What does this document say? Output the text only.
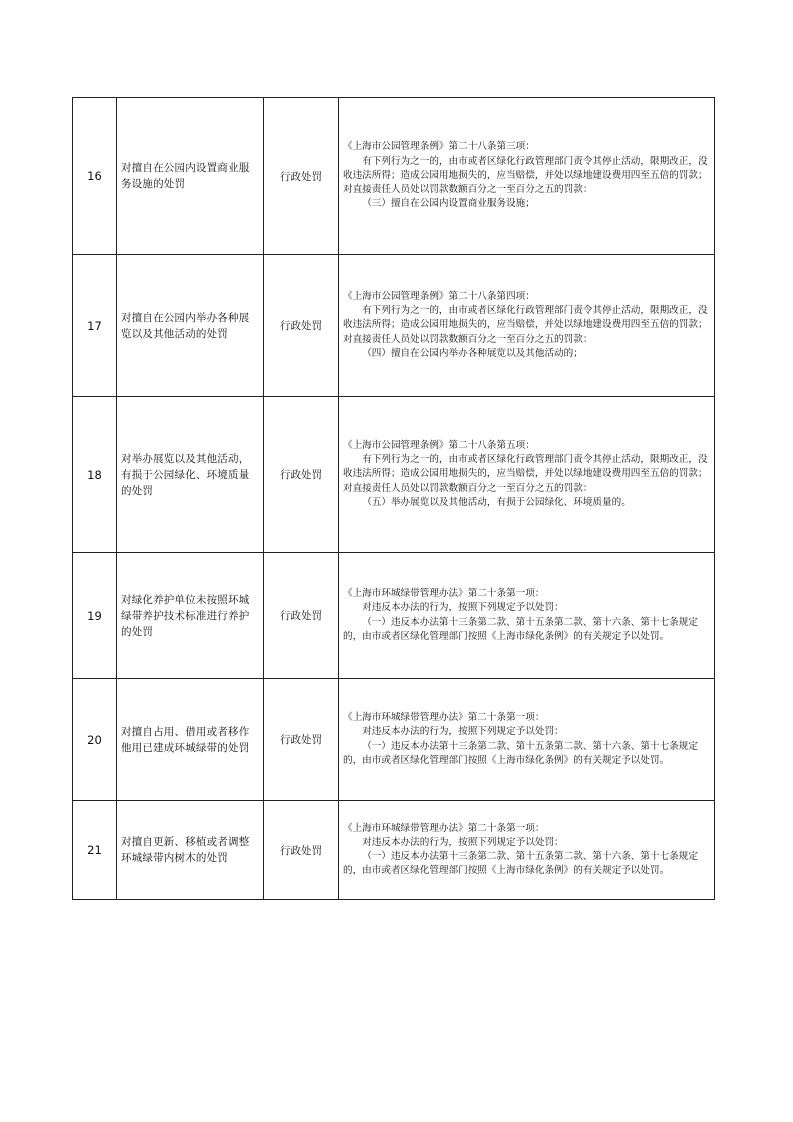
16	对擅自在公园内设置商业服务设施的处罚	行政处罚	《上海市公园管理条例》第二十八条第三项：
有下列行为之一的，由市或者区绿化行政管理部门责令其停止活动，限期改正，没收违法所得；造成公园用地损失的，应当赔偿，并处以绿地建设费用四至五倍的罚款；对直接责任人员处以罚款数额百分之一至百分之五的罚款：
（三）擅自在公园内设置商业服务设施；

17	对擅自在公园内举办各种展览以及其他活动的处罚	行政处罚	《上海市公园管理条例》第二十八条第四项：
有下列行为之一的，由市或者区绿化行政管理部门责令其停止活动，限期改正，没收违法所得；造成公园用地损失的，应当赔偿，并处以绿地建设费用四至五倍的罚款；对直接责任人员处以罚款数额百分之一至百分之五的罚款：
（四）擅自在公园内举办各种展览以及其他活动的；

18	对举办展览以及其他活动，有损于公园绿化、环境质量的处罚	行政处罚	《上海市公园管理条例》第二十八条第五项：
有下列行为之一的，由市或者区绿化行政管理部门责令其停止活动，限期改正，没收违法所得；造成公园用地损失的，应当赔偿，并处以绿地建设费用四至五倍的罚款；对直接责任人员处以罚款数额百分之一至百分之五的罚款：
（五）举办展览以及其他活动，有损于公园绿化、环境质量的。

19	对绿化养护单位未按照环城绿带养护技术标准进行养护的处罚	行政处罚	《上海市环城绿带管理办法》第二十条第一项：
对违反本办法的行为，按照下列规定予以处罚：
（一）违反本办法第十三条第二款、第十五条第二款、第十六条、第十七条规定的，由市或者区绿化管理部门按照《上海市绿化条例》的有关规定予以处罚。

20	对擅自占用、借用或者移作他用已建成环城绿带的处罚	行政处罚	《上海市环城绿带管理办法》第二十条第一项：
对违反本办法的行为，按照下列规定予以处罚：
（一）违反本办法第十三条第二款、第十五条第二款、第十六条、第十七条规定的，由市或者区绿化管理部门按照《上海市绿化条例》的有关规定予以处罚。

21	对擅自更新、移植或者调整环城绿带内树木的处罚	行政处罚	《上海市环城绿带管理办法》第二十条第一项：
对违反本办法的行为，按照下列规定予以处罚：
（一）违反本办法第十三条第二款、第十五条第二款、第十六条、第十七条规定的，由市或者区绿化管理部门按照《上海市绿化条例》的有关规定予以处罚。
